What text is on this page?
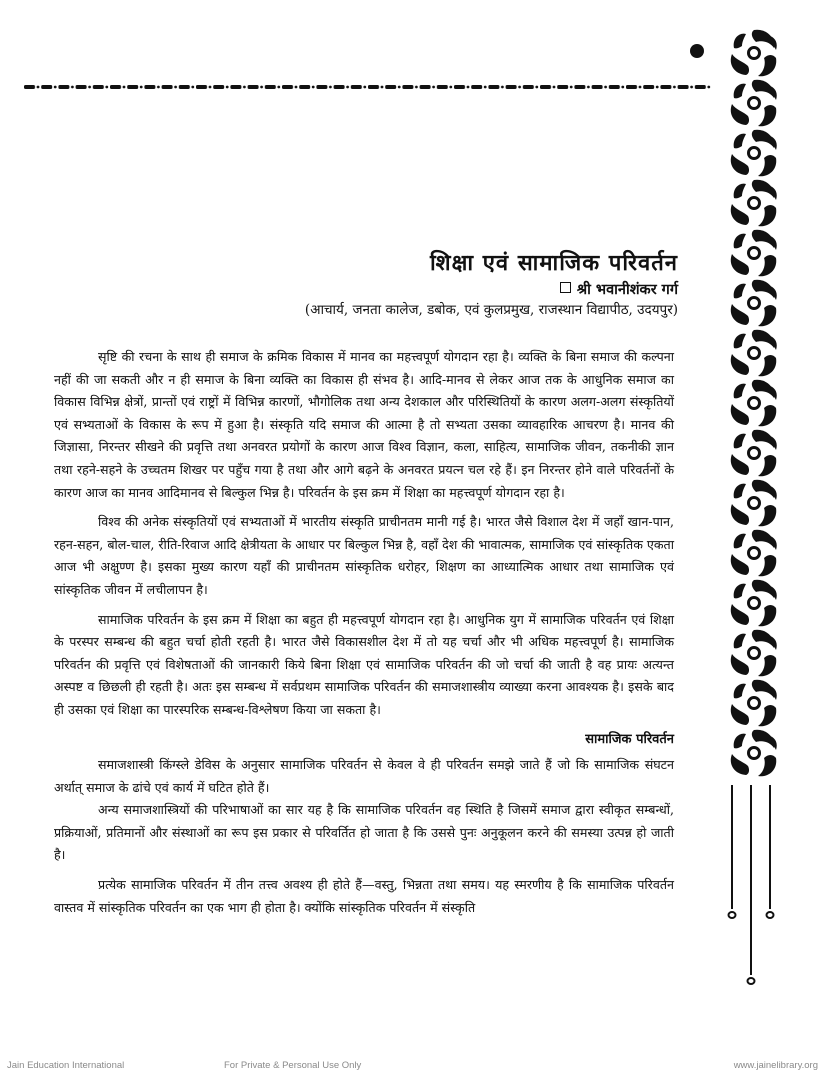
शिक्षा एवं सामाजिक परिवर्तन
श्री भवानीशंकर गर्ग
(आचार्य, जनता कालेज, डबोक, एवं कुलप्रमुख, राजस्थान विद्यापीठ, उदयपुर)

सृष्टि की रचना के साथ ही समाज के क्रमिक विकास में मानव का महत्त्वपूर्ण योगदान रहा है। व्यक्ति के बिना समाज की कल्पना नहीं की जा सकती और न ही समाज के बिना व्यक्ति का विकास ही संभव है। आदि-मानव से लेकर आज तक के आधुनिक समाज का विकास विभिन्न क्षेत्रों, प्रान्तों एवं राष्ट्रों में विभिन्न कारणों, भौगोलिक तथा अन्य देशकाल और परिस्थितियों के कारण अलग-अलग संस्कृतियों एवं सभ्यताओं के विकास के रूप में हुआ है। संस्कृति यदि समाज की आत्मा है तो सभ्यता उसका व्यावहारिक आचरण है। मानव की जिज्ञासा, निरन्तर सीखने की प्रवृत्ति तथा अनवरत प्रयोगों के कारण आज विश्व विज्ञान, कला, साहित्य, सामाजिक जीवन, तकनीकी ज्ञान तथा रहने-सहने के उच्चतम शिखर पर पहुँच गया है तथा और आगे बढ़ने के अनवरत प्रयत्न चल रहे हैं। इन निरन्तर होने वाले परिवर्तनों के कारण आज का मानव आदिमानव से बिल्कुल भिन्न है। परिवर्तन के इस क्रम में शिक्षा का महत्त्वपूर्ण योगदान रहा है।

विश्व की अनेक संस्कृतियों एवं सभ्यताओं में भारतीय संस्कृति प्राचीनतम मानी गई है। भारत जैसे विशाल देश में जहाँ खान-पान, रहन-सहन, बोल-चाल, रीति-रिवाज आदि क्षेत्रीयता के आधार पर बिल्कुल भिन्न है, वहाँ देश की भावात्मक, सामाजिक एवं सांस्कृतिक एकता आज भी अक्षुण्ण है। इसका मुख्य कारण यहाँ की प्राचीनतम सांस्कृतिक धरोहर, शिक्षण का आध्यात्मिक आधार तथा सामाजिक एवं सांस्कृतिक जीवन में लचीलापन है।

सामाजिक परिवर्तन के इस क्रम में शिक्षा का बहुत ही महत्त्वपूर्ण योगदान रहा है। आधुनिक युग में सामाजिक परिवर्तन एवं शिक्षा के परस्पर सम्बन्ध की बहुत चर्चा होती रहती है। भारत जैसे विकासशील देश में तो यह चर्चा और भी अधिक महत्त्वपूर्ण है। सामाजिक परिवर्तन की प्रवृत्ति एवं विशेषताओं की जानकारी किये बिना शिक्षा एवं सामाजिक परिवर्तन की जो चर्चा की जाती है वह प्रायः अत्यन्त अस्पष्ट व छिछली ही रहती है। अतः इस सम्बन्ध में सर्वप्रथम सामाजिक परिवर्तन की समाजशास्त्रीय व्याख्या करना आवश्यक है। इसके बाद ही उसका एवं शिक्षा का पारस्परिक सम्बन्ध-विश्लेषण किया जा सकता है।

सामाजिक परिवर्तन

समाजशास्त्री किंग्स्ले डेविस के अनुसार सामाजिक परिवर्तन से केवल वे ही परिवर्तन समझे जाते हैं जो कि सामाजिक संघटन अर्थात् समाज के ढांचे एवं कार्य में घटित होते हैं।

अन्य समाजशास्त्रियों की परिभाषाओं का सार यह है कि सामाजिक परिवर्तन वह स्थिति है जिसमें समाज द्वारा स्वीकृत सम्बन्धों, प्रक्रियाओं, प्रतिमानों और संस्थाओं का रूप इस प्रकार से परिवर्तित हो जाता है कि उससे पुनः अनुकूलन करने की समस्या उत्पन्न हो जाती है।

प्रत्येक सामाजिक परिवर्तन में तीन तत्त्व अवश्य ही होते हैं—वस्तु, भिन्नता तथा समय। यह स्मरणीय है कि सामाजिक परिवर्तन वास्तव में सांस्कृतिक परिवर्तन का एक भाग ही होता है। क्योंकि सांस्कृतिक परिवर्तन में संस्कृति

Jain Education International	For Private & Personal Use Only	www.jainelibrary.org
